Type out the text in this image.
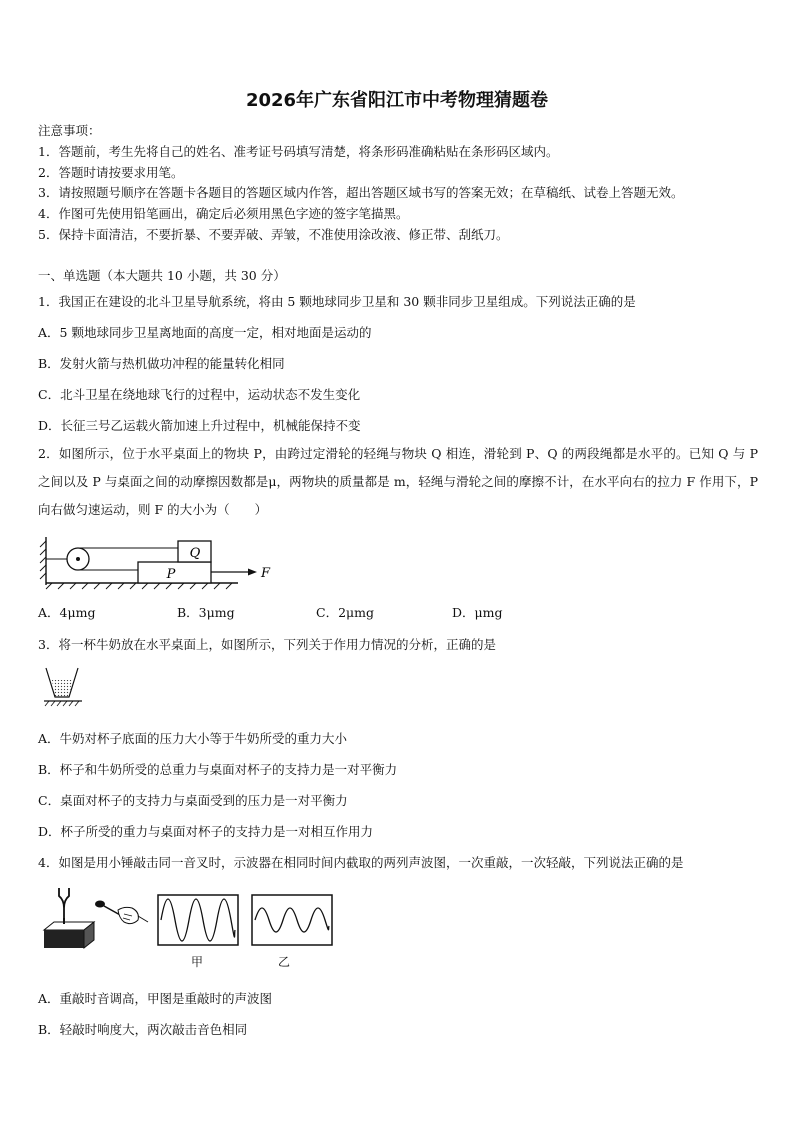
2026年广东省阳江市中考物理猜题卷
注意事项：
1．答题前，考生先将自己的姓名、准考证号码填写清楚，将条形码准确粘贴在条形码区域内。
2．答题时请按要求用笔。
3．请按照题号顺序在答题卡各题目的答题区域内作答，超出答题区域书写的答案无效；在草稿纸、试卷上答题无效。
4．作图可先使用铅笔画出，确定后必须用黑色字迹的签字笔描黑。
5．保持卡面清洁，不要折暴、不要弄破、弄皱，不准使用涂改液、修正带、刮纸刀。
一、单选题（本大题共 10 小题，共 30 分）
1．我国正在建设的北斗卫星导航系统，将由 5 颗地球同步卫星和 30 颗非同步卫星组成。下列说法正确的是
A．5 颗地球同步卫星离地面的高度一定，相对地面是运动的
B．发射火箭与热机做功冲程的能量转化相同
C．北斗卫星在绕地球飞行的过程中，运动状态不发生变化
D．长征三号乙运载火箭加速上升过程中，机械能保持不变
2．如图所示，位于水平桌面上的物块 P，由跨过定滑轮的轻绳与物块 Q 相连，滑轮到 P、Q 的两段绳都是水平的。已知 Q 与 P 之间以及 P 与桌面之间的动摩擦因数都是μ，两物块的质量都是 m，轻绳与滑轮之间的摩擦不计，在水平向右的拉力 F 作用下，P 向右做匀速运动，则 F 的大小为（　　）
Q
P	F
A．4μmg	B．3μmg	C．2μmg	D．μmg
3．将一杯牛奶放在水平桌面上，如图所示，下列关于作用力情况的分析，正确的是
A．牛奶对杯子底面的压力大小等于牛奶所受的重力大小
B．杯子和牛奶所受的总重力与桌面对杯子的支持力是一对平衡力
C．桌面对杯子的支持力与桌面受到的压力是一对平衡力
D．杯子所受的重力与桌面对杯子的支持力是一对相互作用力
4．如图是用小锤敲击同一音叉时，示波器在相同时间内截取的两列声波图，一次重敲，一次轻敲，下列说法正确的是
甲	乙
A．重敲时音调高，甲图是重敲时的声波图
B．轻敲时响度大，两次敲击音色相同
